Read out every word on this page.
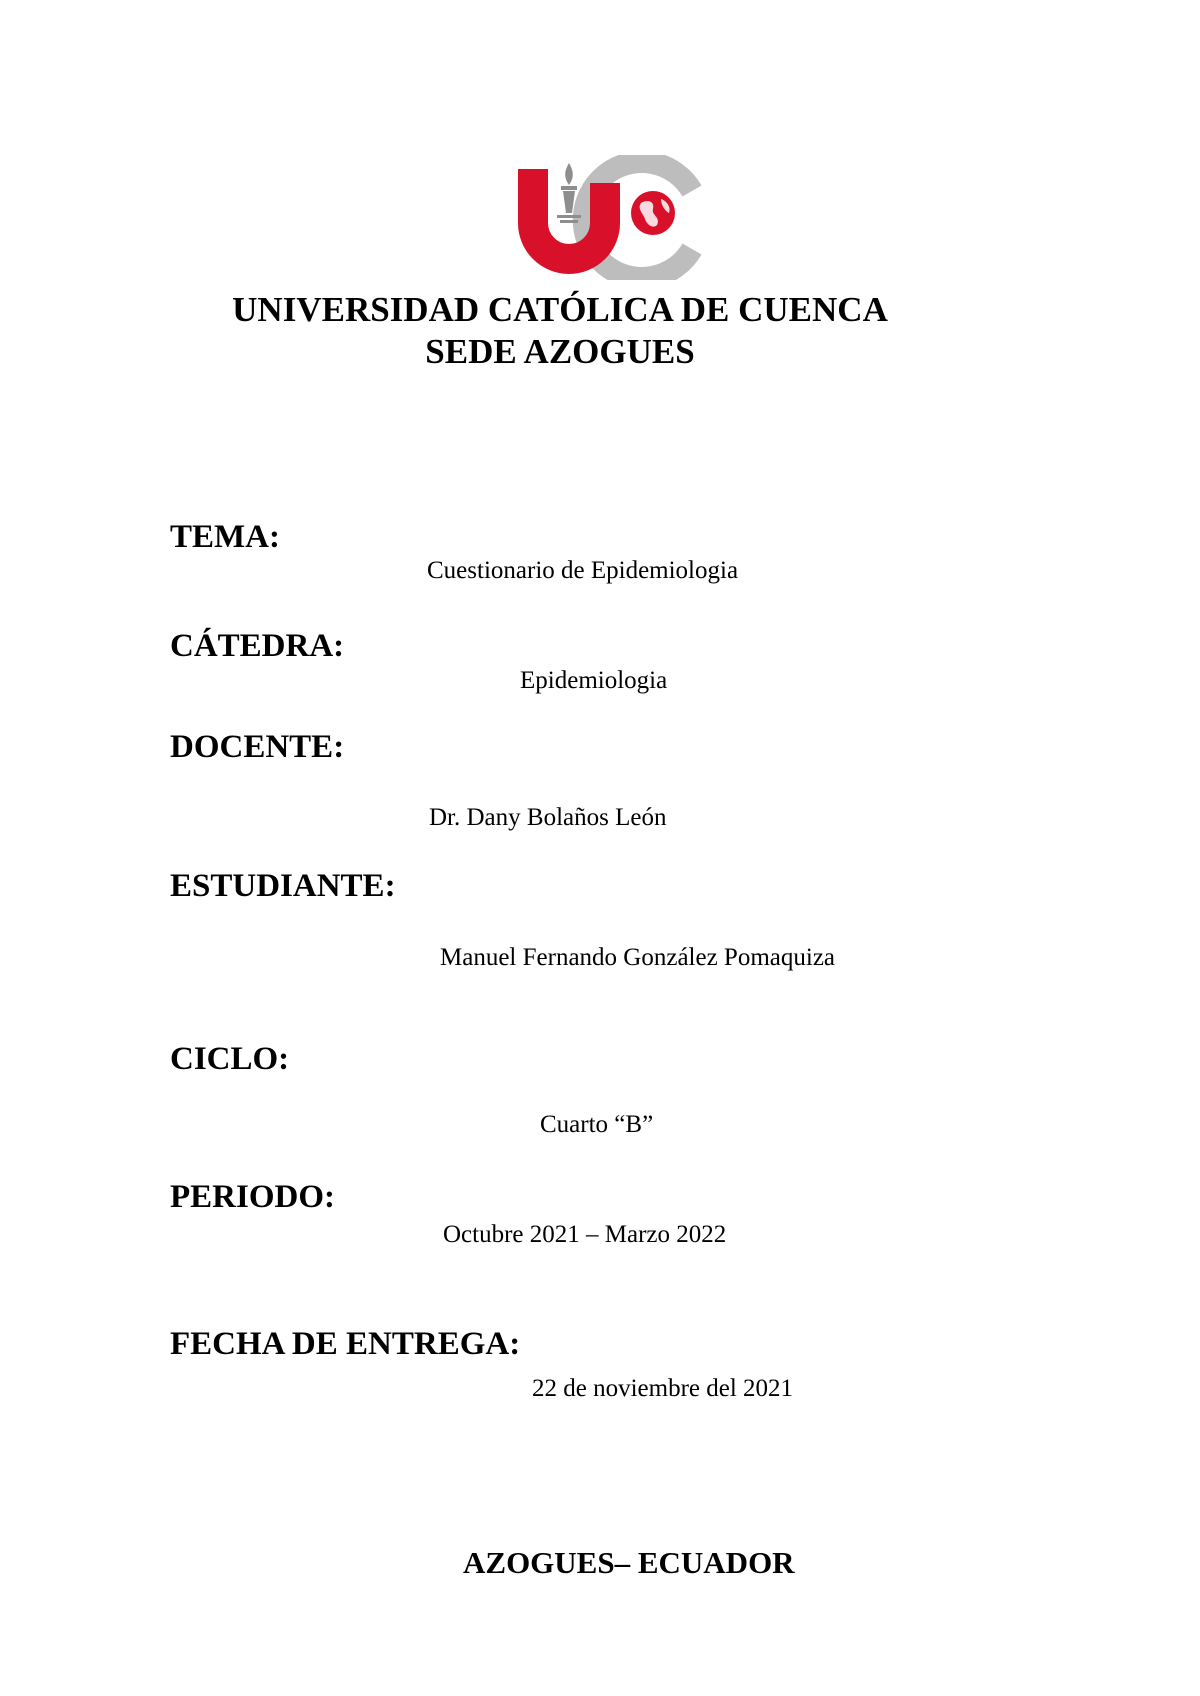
UNIVERSIDAD CATÓLICA DE CUENCA
SEDE AZOGUES
TEMA:
Cuestionario de Epidemiologia
CÁTEDRA:
Epidemiologia
DOCENTE:
Dr. Dany Bolaños León
ESTUDIANTE:
Manuel Fernando González Pomaquiza
CICLO:
Cuarto “B”
PERIODO:
Octubre 2021 – Marzo 2022
FECHA DE ENTREGA:
22 de noviembre del 2021
AZOGUES– ECUADOR
